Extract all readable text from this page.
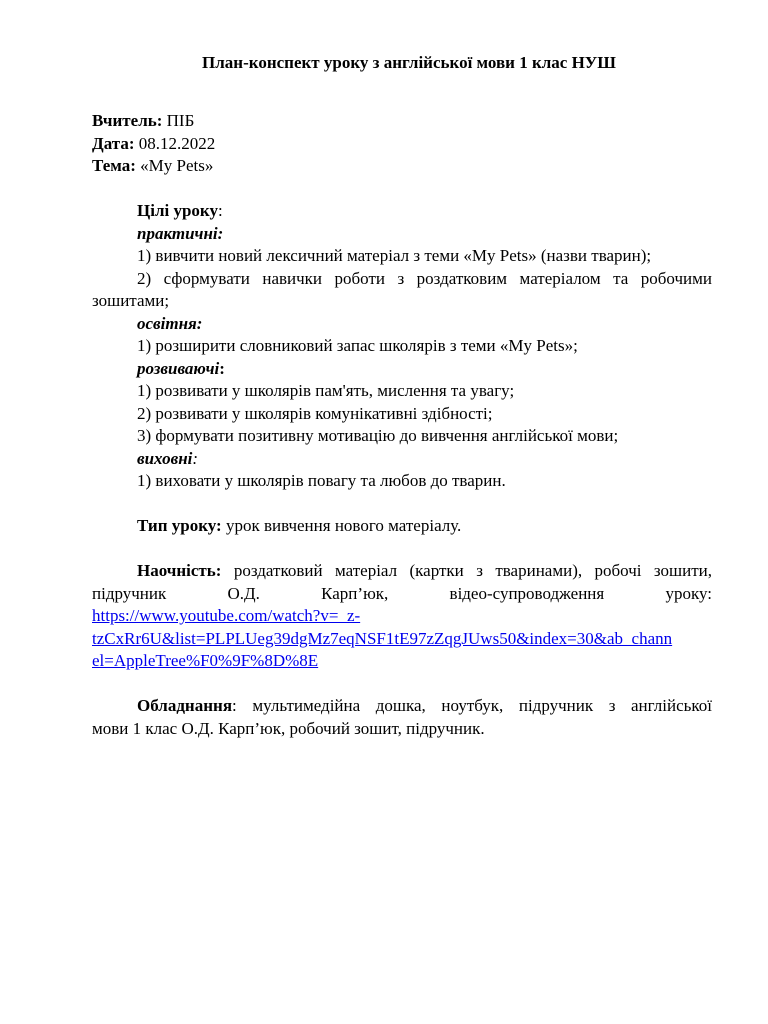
План-конспект уроку з англійської мови 1 клас НУШ

Вчитель: ПІБ

Дата: 08.12.2022

Тема: «My Pets»

Цілі уроку:

практичні:

1) вивчити новий лексичний матеріал з теми «My Pets» (назви тварин);

2) сформувати навички роботи з роздатковим матеріалом та робочими

зошитами;

освітня:

1) розширити словниковий запас школярів з теми «My Pets»;

розвиваючі:

1) розвивати у школярів пам'ять, мислення та увагу;

2) розвивати у школярів комунікативні здібності;

3) формувати позитивну мотивацію до вивчення англійської мови;

виховні:

1) виховати у школярів повагу та любов до тварин.

Тип уроку: урок вивчення нового матеріалу.

Наочність: роздатковий матеріал (картки з тваринами), робочі зошити,

підручник О.Д. Карп’юк, відео-супроводження уроку:

https://www.youtube.com/watch?v=_z-

tzCxRr6U&list=PLPLUeg39dgMz7eqNSF1tE97zZqgJUws50&index=30&ab_chann

el=AppleTree%F0%9F%8D%8E

Обладнання: мультимедійна дошка, ноутбук, підручник з англійської

мови 1 клас О.Д. Карп’юк, робочий зошит, підручник.
